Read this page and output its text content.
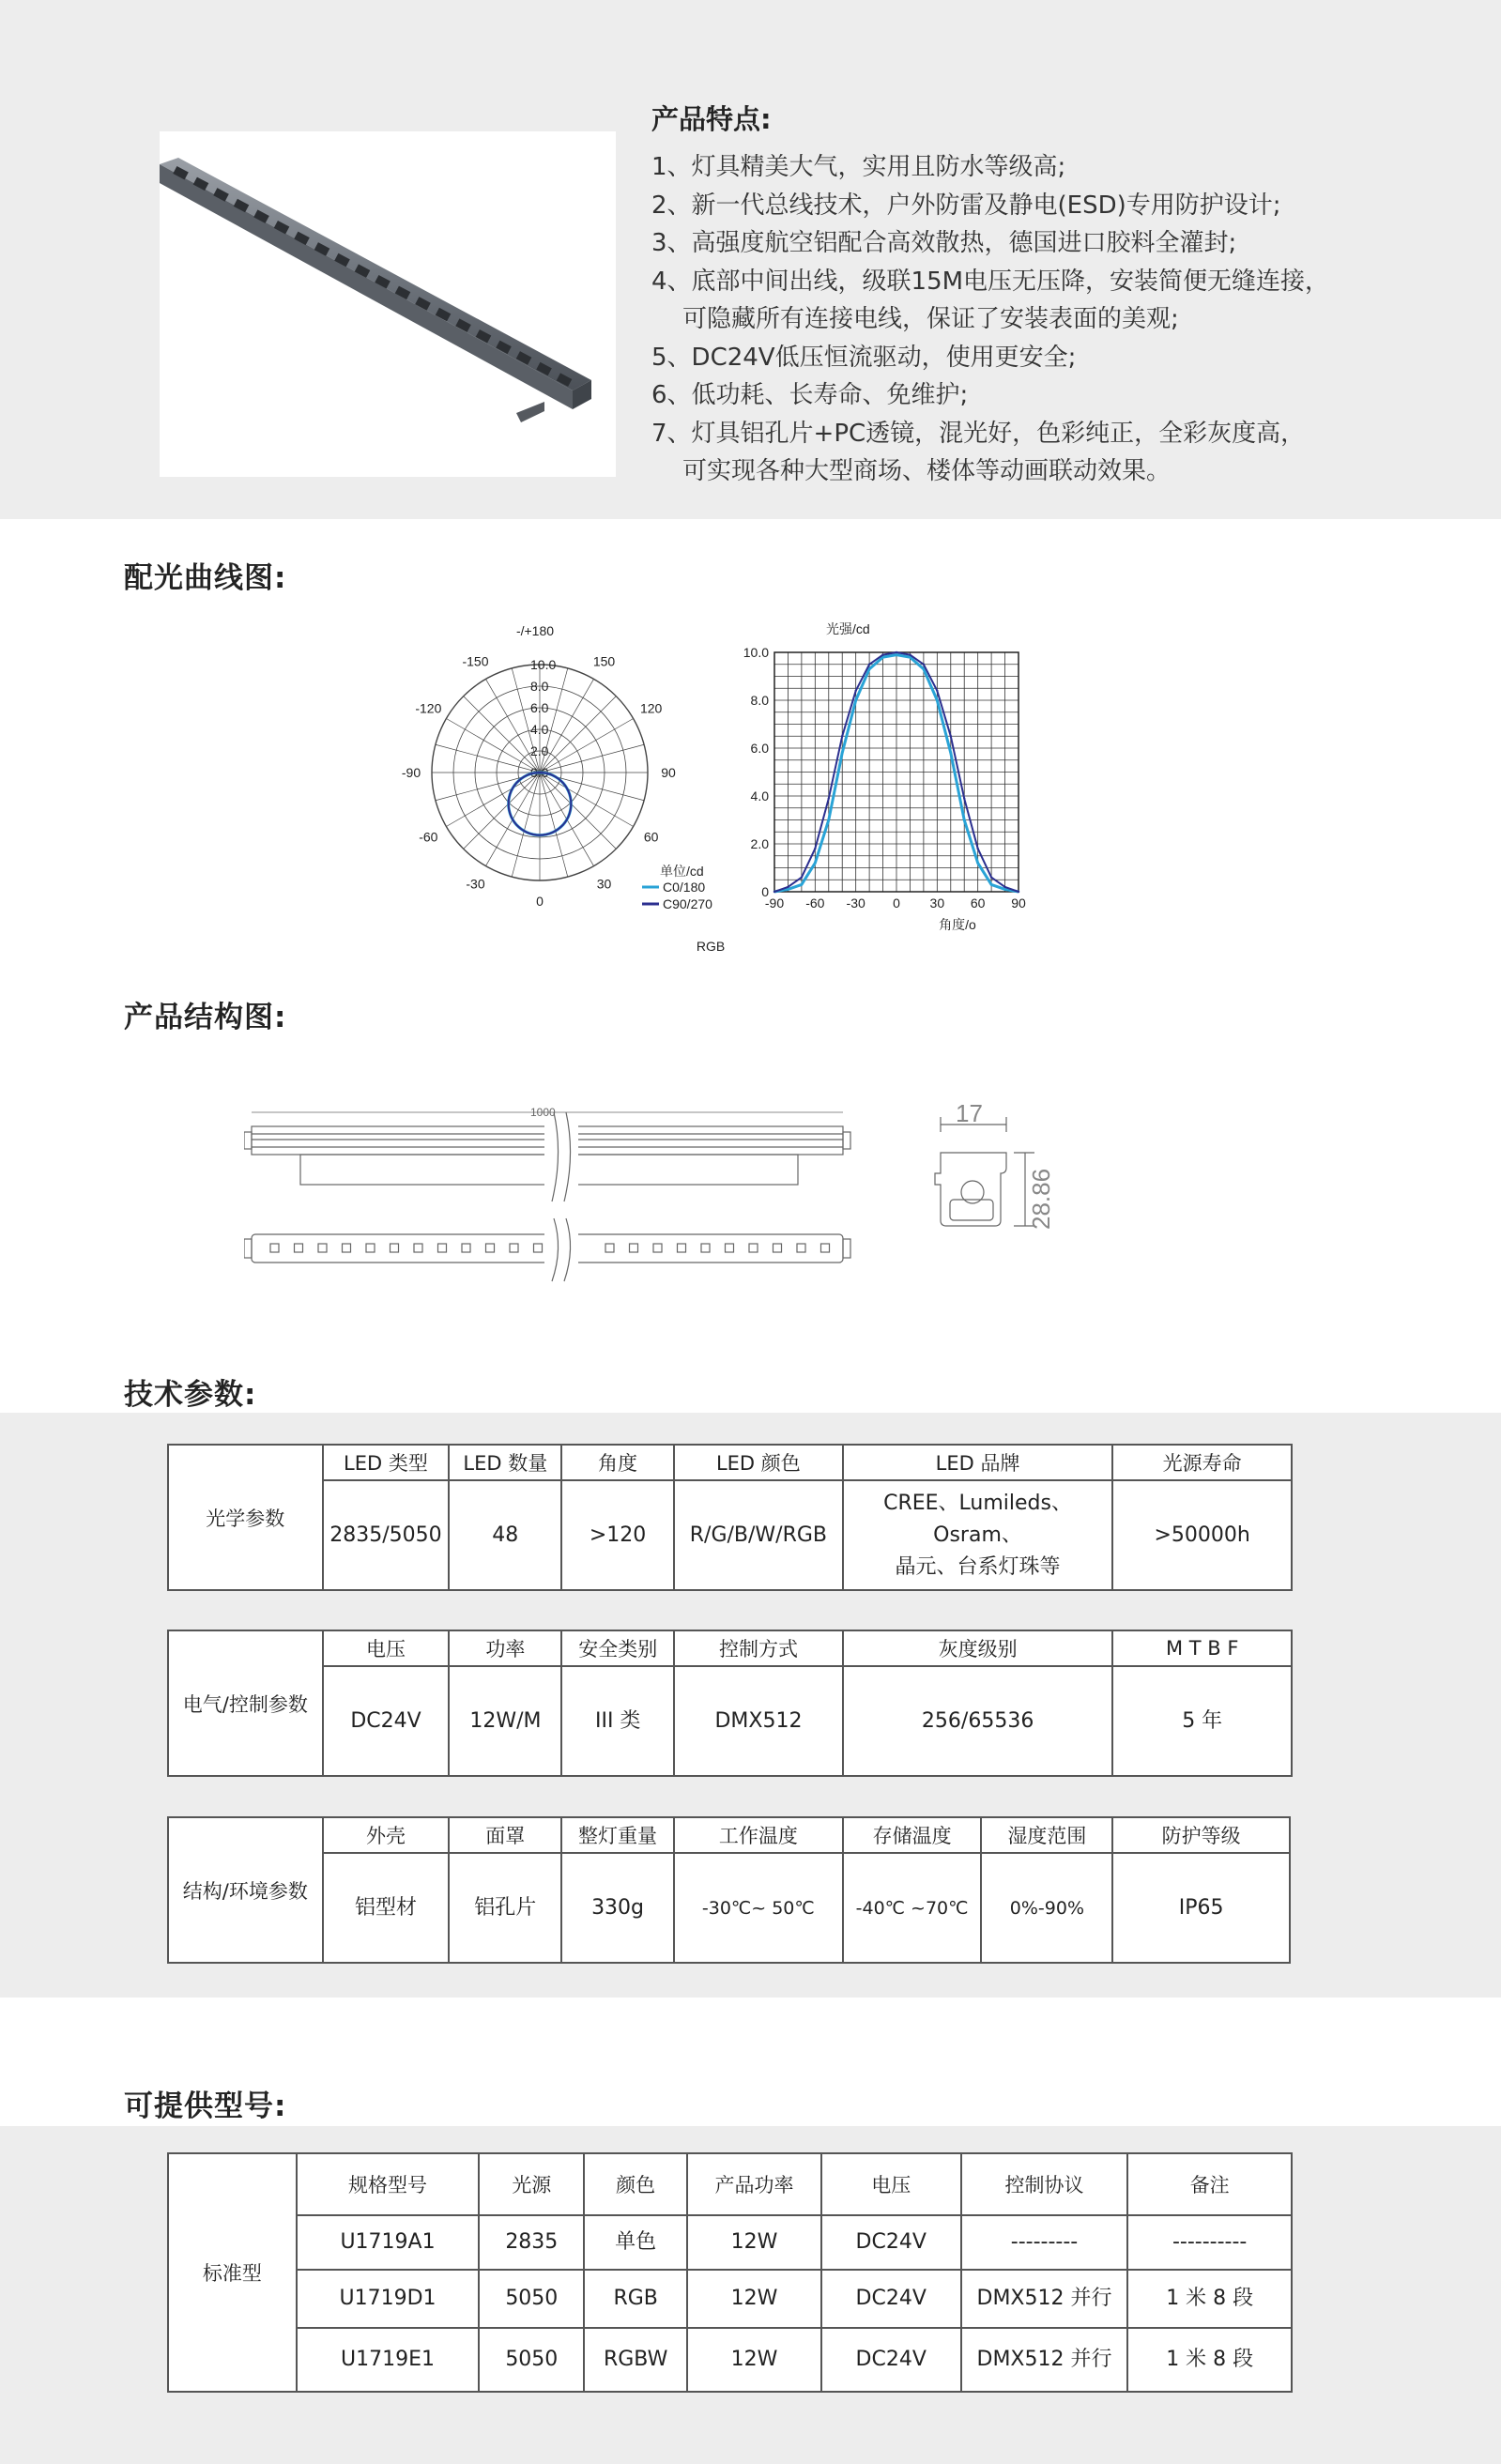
产品特点:
1、灯具精美大气，实用且防水等级高;
2、新一代总线技术，户外防雷及静电(ESD)专用防护设计;
3、高强度航空铝配合高效散热，德国进口胶料全灌封;
4、底部中间出线，级联15M电压无压降，安装简便无缝连接，
可隐藏所有连接电线，保证了安装表面的美观;
5、DC24V低压恒流驱动，使用更安全;
6、低功耗、长寿命、免维护;
7、灯具铝孔片+PC透镜，混光好，色彩纯正，全彩灰度高，
可实现各种大型商场、楼体等动画联动效果。
配光曲线图:
-/+180
10.0
8.0
6.0
4.0
2.0
0.0
-150	150
-120	120
-90	90
-60	60
-30	30
0
单位/cd
C0/180
C90/270
RGB
-90 -60 -30 0 30 60 90
0
2.0
4.0
6.0
8.0
10.0
光强/cd
角度/o
产品结构图:
1000	17
28.86
技术参数:
光学参数	LED 类型	LED 数量	角度	LED 颜色	LED 品牌	光源寿命
	2835/5050	48	>120	R/G/B/W/RGB	CREE、Lumileds、Osram、
晶元、台系灯珠等	>50000h
电气/控制参数	电压	功率	安全类别	控制方式	灰度级别	M T B F
	DC24V	12W/M	III 类	DMX512	256/65536	5 年
结构/环境参数	外壳	面罩	整灯重量	工作温度	存储温度	湿度范围	防护等级
	铝型材	铝孔片	330g	-30℃~ 50℃	-40℃ ~70℃	0%-90%	IP65
可提供型号:
标准型	规格型号	光源	颜色	产品功率	电压	控制协议	备注
	U1719A1	2835	单色	12W	DC24V	---------	----------
	U1719D1	5050	RGB	12W	DC24V	DMX512 并行	1 米 8 段
	U1719E1	5050	RGBW	12W	DC24V	DMX512 并行	1 米 8 段
